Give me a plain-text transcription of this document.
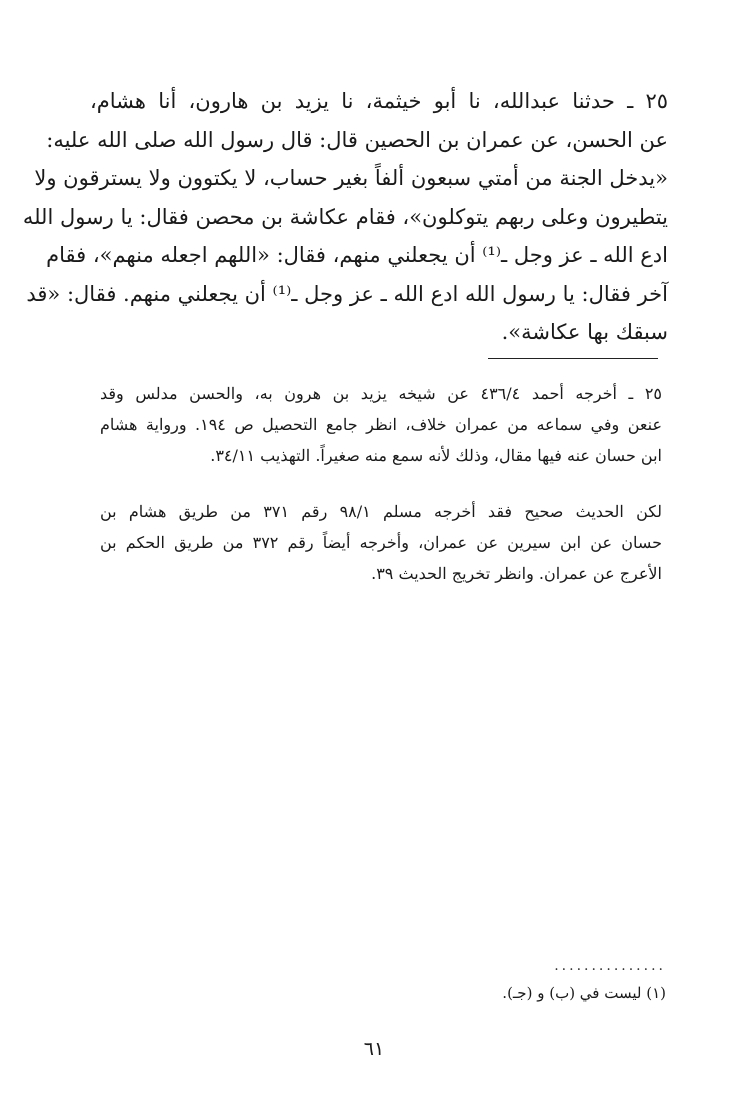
٢٥ ـ حدثنا عبدالله، نا أبو خيثمة، نا يزيد بن هارون، أنا هشام،
عن الحسن، عن عمران بن الحصين قال: قال رسول الله صلى الله عليه:
«يدخل الجنة من أمتي سبعون ألفاً بغير حساب، لا يكتوون ولا يسترقون ولا
يتطيرون وعلى ربهم يتوكلون»، فقام عكاشة بن محصن فقال: يا رسول الله
ادع الله ـ عز وجل ـ⁽¹⁾ أن يجعلني منهم، فقال: «اللهم اجعله منهم»، فقام
آخر فقال: يا رسول الله ادع الله ـ عز وجل ـ⁽¹⁾ أن يجعلني منهم. فقال: «قد
سبقك بها عكاشة».
٢٥ ـ أخرجه أحمد ٤٣٦/٤ عن شيخه يزيد بن هرون به، والحسن مدلس وقد
عنعن وفي سماعه من عمران خلاف، انظر جامع التحصيل ص ١٩٤. ورواية هشام
ابن حسان عنه فيها مقال، وذلك لأنه سمع منه صغيراً. التهذيب ٣٤/١١.
لكن الحديث صحيح فقد أخرجه مسلم ٩٨/١ رقم ٣٧١ من طريق هشام بن
حسان عن ابن سيرين عن عمران، وأخرجه أيضاً رقم ٣٧٢ من طريق الحكم بن
الأعرج عن عمران. وانظر تخريج الحديث ٣٩.
...............
(١) ليست في (ب) و (جـ).
٦١
